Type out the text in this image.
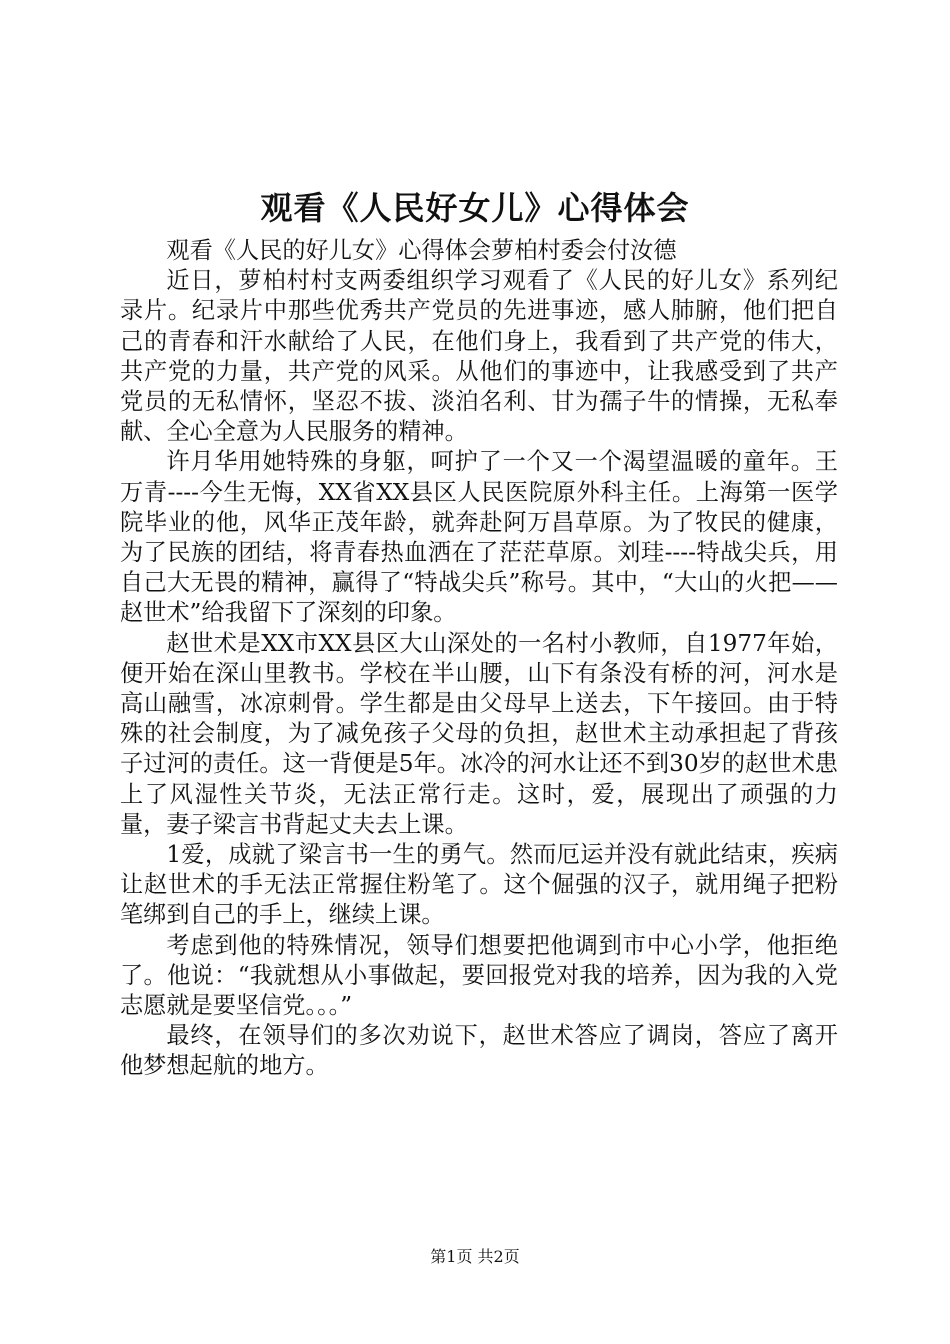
观看《人民好女儿》心得体会

观看《人民的好儿女》心得体会萝柏村委会付汝德

近日，萝柏村村支两委组织学习观看了《人民的好儿女》系列纪录片。纪录片中那些优秀共产党员的先进事迹，感人肺腑，他们把自己的青春和汗水献给了人民，在他们身上，我看到了共产党的伟大，共产党的力量，共产党的风采。从他们的事迹中，让我感受到了共产党员的无私情怀，坚忍不拔、淡泊名利、甘为孺子牛的情操，无私奉献、全心全意为人民服务的精神。

许月华用她特殊的身躯，呵护了一个又一个渴望温暖的童年。王万青----今生无悔，XX省XX县区人民医院原外科主任。上海第一医学院毕业的他，风华正茂年龄，就奔赴阿万昌草原。为了牧民的健康，为了民族的团结，将青春热血洒在了茫茫草原。刘珪----特战尖兵，用自己大无畏的精神，赢得了“特战尖兵”称号。其中，“大山的火把——赵世术”给我留下了深刻的印象。

赵世术是XX市XX县区大山深处的一名村小教师，自1977年始，便开始在深山里教书。学校在半山腰，山下有条没有桥的河，河水是高山融雪，冰凉刺骨。学生都是由父母早上送去，下午接回。由于特殊的社会制度，为了减免孩子父母的负担，赵世术主动承担起了背孩子过河的责任。这一背便是5年。冰冷的河水让还不到30岁的赵世术患上了风湿性关节炎，无法正常行走。这时，爱，展现出了顽强的力量，妻子梁言书背起丈夫去上课。

1爱，成就了梁言书一生的勇气。然而厄运并没有就此结束，疾病让赵世术的手无法正常握住粉笔了。这个倔强的汉子，就用绳子把粉笔绑到自己的手上，继续上课。

考虑到他的特殊情况，领导们想要把他调到市中心小学，他拒绝了。他说：“我就想从小事做起，要回报党对我的培养，因为我的入党志愿就是要坚信党。。。”

最终，在领导们的多次劝说下，赵世术答应了调岗，答应了离开他梦想起航的地方。

第1页 共2页
